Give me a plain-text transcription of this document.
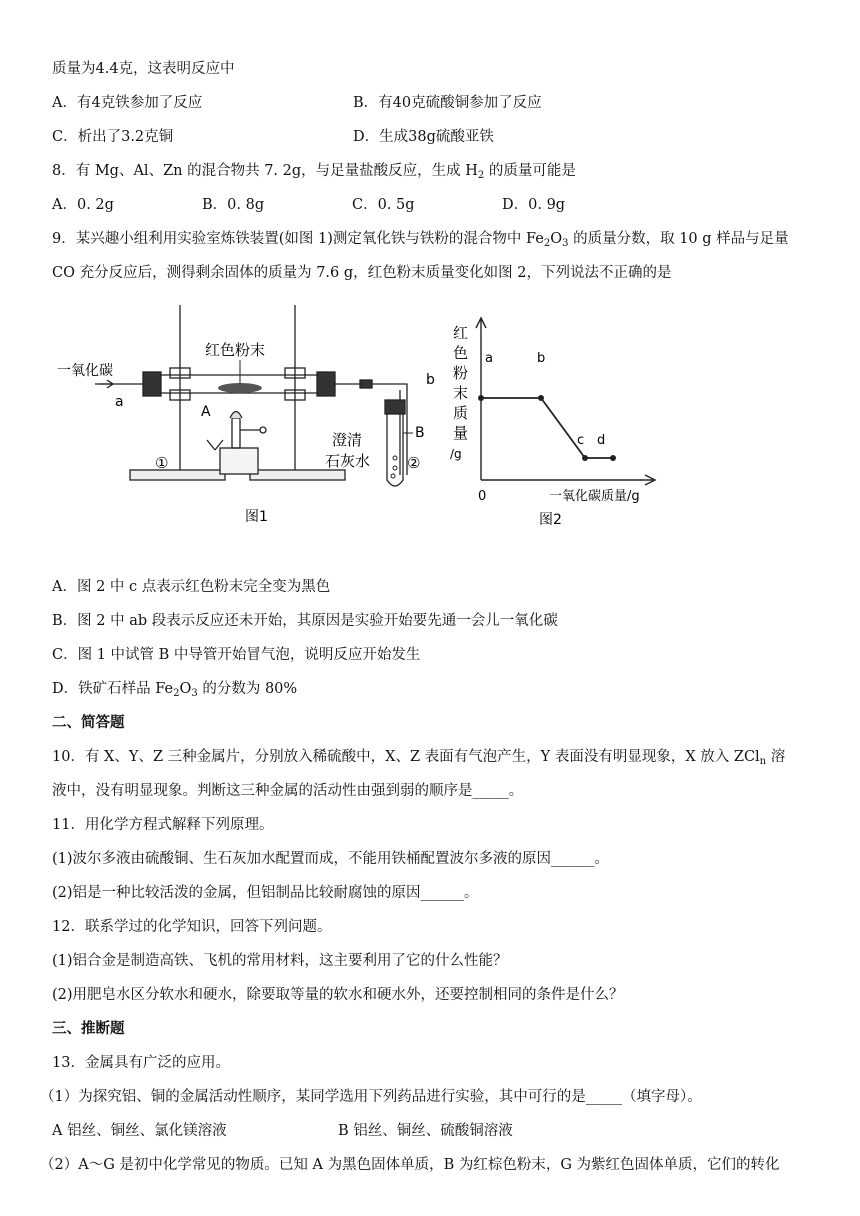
质量为4.4克，这表明反应中
A．有4克铁参加了反应	B．有40克硫酸铜参加了反应
C．析出了3.2克铜	D．生成38g硫酸亚铁
8．有 Mg、Al、Zn 的混合物共 7. 2g，与足量盐酸反应，生成 $H_2$ 的质量可能是
A．0. 2g	B．0. 8g	C．0. 5g	D．0. 9g
9．某兴趣小组利用实验室炼铁装置(如图 1)测定氧化铁与铁粉的混合物中 $Fe_2O_3$ 的质量分数，取 10 g 样品与足量
CO 充分反应后，测得剩余固体的质量为 7.6 g，红色粉末质量变化如图 2，下列说法不正确的是
一氧化碳
a
红色粉末
A
b
B
①	②
澄清
石灰水
图1
红
色
粉
末
质
量
/g
a	b
c d
0	一氧化碳质量/g
图2
A．图 2 中 c 点表示红色粉末完全变为黑色
B．图 2 中 ab 段表示反应还未开始，其原因是实验开始要先通一会儿一氧化碳
C．图 1 中试管 B 中导管开始冒气泡，说明反应开始发生
D．铁矿石样品 $Fe_2O_3$ 的分数为 80%
二、简答题
10．有 X、Y、Z 三种金属片，分别放入稀硫酸中，X、Z 表面有气泡产生，Y 表面没有明显现象，X 放入 ZCl$_n$ 溶
液中，没有明显现象。判断这三种金属的活动性由强到弱的顺序是_____。
11．用化学方程式解释下列原理。
(1)波尔多液由硫酸铜、生石灰加水配置而成，不能用铁桶配置波尔多液的原因______。
(2)铝是一种比较活泼的金属，但铝制品比较耐腐蚀的原因______。
12．联系学过的化学知识，回答下列问题。
(1)铝合金是制造高铁、飞机的常用材料，这主要利用了它的什么性能？
(2)用肥皂水区分软水和硬水，除要取等量的软水和硬水外，还要控制相同的条件是什么？
三、推断题
13．金属具有广泛的应用。
（1）为探究铝、铜的金属活动性顺序，某同学选用下列药品进行实验，其中可行的是_____（填字母）。
A 铝丝、铜丝、氯化镁溶液	B 铝丝、铜丝、硫酸铜溶液
（2）A～G 是初中化学常见的物质。已知 A 为黑色固体单质，B 为红棕色粉末，G 为紫红色固体单质，它们的转化
